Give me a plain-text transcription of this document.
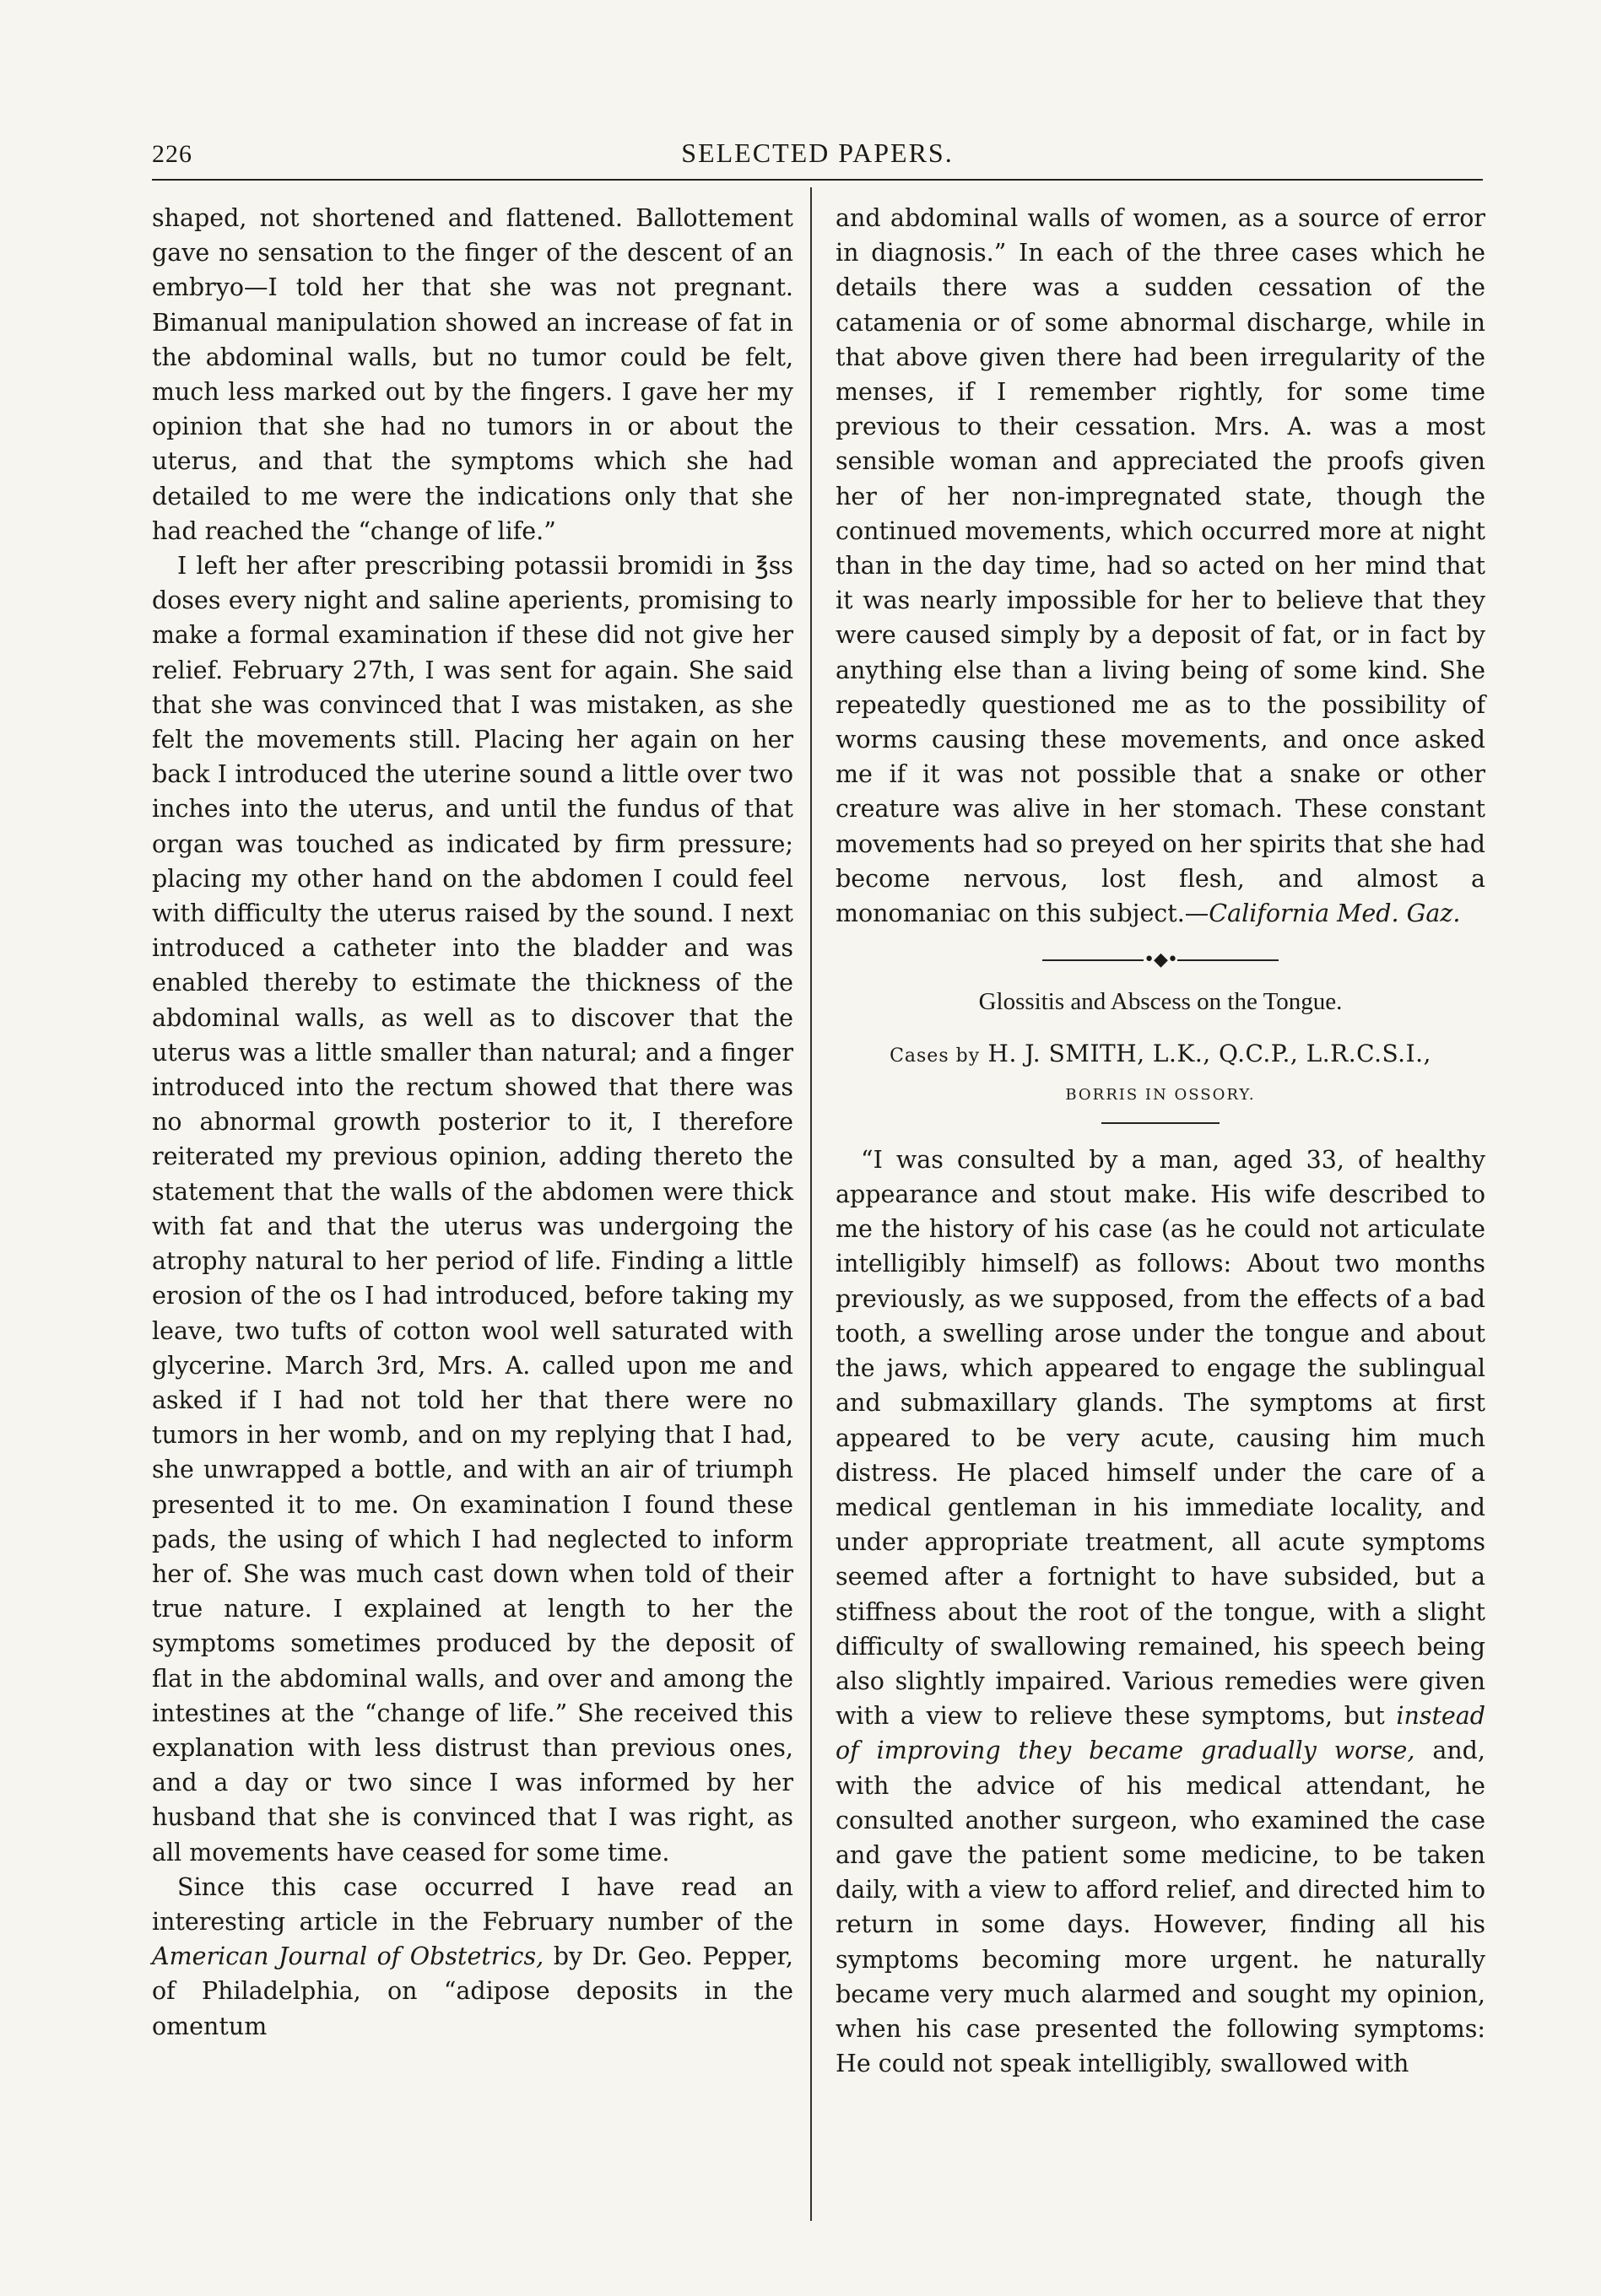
226	SELECTED PAPERS.

shaped, not shortened and flattened. Ballottement gave no sensation to the finger of the descent of an embryo—I told her that she was not pregnant. Bimanual manipulation showed an increase of fat in the abdominal walls, but no tumor could be felt, much less marked out by the fingers. I gave her my opinion that she had no tumors in or about the uterus, and that the symptoms which she had detailed to me were the indications only that she had reached the “change of life.”

I left her after prescribing potassii bromidi in ℥ss doses every night and saline aperients, promising to make a formal examination if these did not give her relief. February 27th, I was sent for again. She said that she was convinced that I was mistaken, as she felt the movements still. Placing her again on her back I introduced the uterine sound a little over two inches into the uterus, and until the fundus of that organ was touched as indicated by firm pressure; placing my other hand on the abdomen I could feel with difficulty the uterus raised by the sound. I next introduced a catheter into the bladder and was enabled thereby to estimate the thickness of the abdominal walls, as well as to discover that the uterus was a little smaller than natural; and a finger introduced into the rectum showed that there was no abnormal growth posterior to it, I therefore reiterated my previous opinion, adding thereto the statement that the walls of the abdomen were thick with fat and that the uterus was undergoing the atrophy natural to her period of life. Finding a little erosion of the os I had introduced, before taking my leave, two tufts of cotton wool well saturated with glycerine. March 3rd, Mrs. A. called upon me and asked if I had not told her that there were no tumors in her womb, and on my replying that I had, she unwrapped a bottle, and with an air of triumph presented it to me. On examination I found these pads, the using of which I had neglected to inform her of. She was much cast down when told of their true nature. I explained at length to her the symptoms sometimes produced by the deposit of flat in the abdominal walls, and over and among the intestines at the “change of life.” She received this explanation with less distrust than previous ones, and a day or two since I was informed by her husband that she is convinced that I was right, as all movements have ceased for some time.

Since this case occurred I have read an interesting article in the February number of the American Journal of Obstetrics, by Dr. Geo. Pepper, of Philadelphia, on “adipose deposits in the omentum

and abdominal walls of women, as a source of error in diagnosis.” In each of the three cases which he details there was a sudden cessation of the catamenia or of some abnormal discharge, while in that above given there had been irregularity of the menses, if I remember rightly, for some time previous to their cessation. Mrs. A. was a most sensible woman and appreciated the proofs given her of her non-impregnated state, though the continued movements, which occurred more at night than in the day time, had so acted on her mind that it was nearly impossible for her to believe that they were caused simply by a deposit of fat, or in fact by anything else than a living being of some kind. She repeatedly questioned me as to the possibility of worms causing these movements, and once asked me if it was not possible that a snake or other creature was alive in her stomach. These constant movements had so preyed on her spirits that she had become nervous, lost flesh, and almost a monomaniac on this subject.—California Med. Gaz.

•◆•
Glossitis and Abscess on the Tongue.

Cases by H. J. SMITH, L.K., Q.C.P., L.R.C.S.I.,

BORRIS IN OSSORY.

“I was consulted by a man, aged 33, of healthy appearance and stout make. His wife described to me the history of his case (as he could not articulate intelligibly himself) as follows: About two months previously, as we supposed, from the effects of a bad tooth, a swelling arose under the tongue and about the jaws, which appeared to engage the sublingual and submaxillary glands. The symptoms at first appeared to be very acute, causing him much distress. He placed himself under the care of a medical gentleman in his immediate locality, and under appropriate treatment, all acute symptoms seemed after a fortnight to have subsided, but a stiffness about the root of the tongue, with a slight difficulty of swallowing remained, his speech being also slightly impaired. Various remedies were given with a view to relieve these symptoms, but instead of improving they became gradually worse, and, with the advice of his medical attendant, he consulted another surgeon, who examined the case and gave the patient some medicine, to be taken daily, with a view to afford relief, and directed him to return in some days. However, finding all his symptoms becoming more urgent. he naturally became very much alarmed and sought my opinion, when his case presented the following symptoms: He could not speak intelligibly, swallowed with
